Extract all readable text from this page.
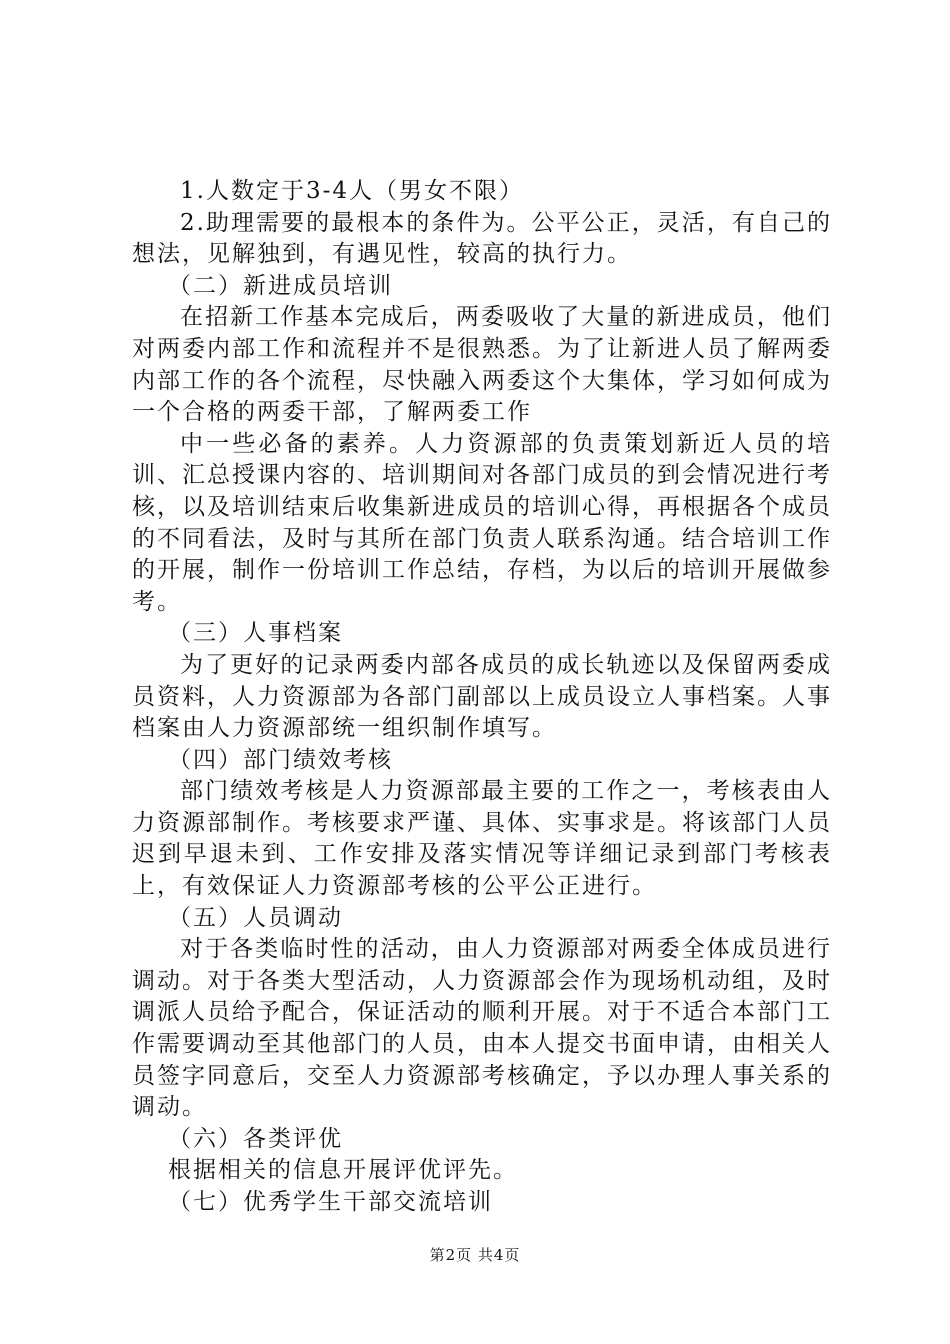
1.人数定于3-4人（男女不限）

2.助理需要的最根本的条件为。公平公正，灵活，有自己的想法，见解独到，有遇见性，较高的执行力。

（二）新进成员培训

在招新工作基本完成后，两委吸收了大量的新进成员，他们对两委内部工作和流程并不是很熟悉。为了让新进人员了解两委内部工作的各个流程，尽快融入两委这个大集体，学习如何成为一个合格的两委干部，了解两委工作

中一些必备的素养。人力资源部的负责策划新近人员的培训、汇总授课内容的、培训期间对各部门成员的到会情况进行考核，以及培训结束后收集新进成员的培训心得，再根据各个成员的不同看法，及时与其所在部门负责人联系沟通。结合培训工作的开展，制作一份培训工作总结，存档，为以后的培训开展做参考。

（三）人事档案

为了更好的记录两委内部各成员的成长轨迹以及保留两委成员资料，人力资源部为各部门副部以上成员设立人事档案。人事档案由人力资源部统一组织制作填写。

（四）部门绩效考核

部门绩效考核是人力资源部最主要的工作之一，考核表由人力资源部制作。考核要求严谨、具体、实事求是。将该部门人员迟到早退未到、工作安排及落实情况等详细记录到部门考核表上，有效保证人力资源部考核的公平公正进行。

（五）人员调动

对于各类临时性的活动，由人力资源部对两委全体成员进行调动。对于各类大型活动，人力资源部会作为现场机动组，及时调派人员给予配合，保证活动的顺利开展。对于不适合本部门工作需要调动至其他部门的人员，由本人提交书面申请，由相关人员签字同意后，交至人力资源部考核确定，予以办理人事关系的调动。

（六）各类评优

根据相关的信息开展评优评先。

（七）优秀学生干部交流培训

第2页 共4页
